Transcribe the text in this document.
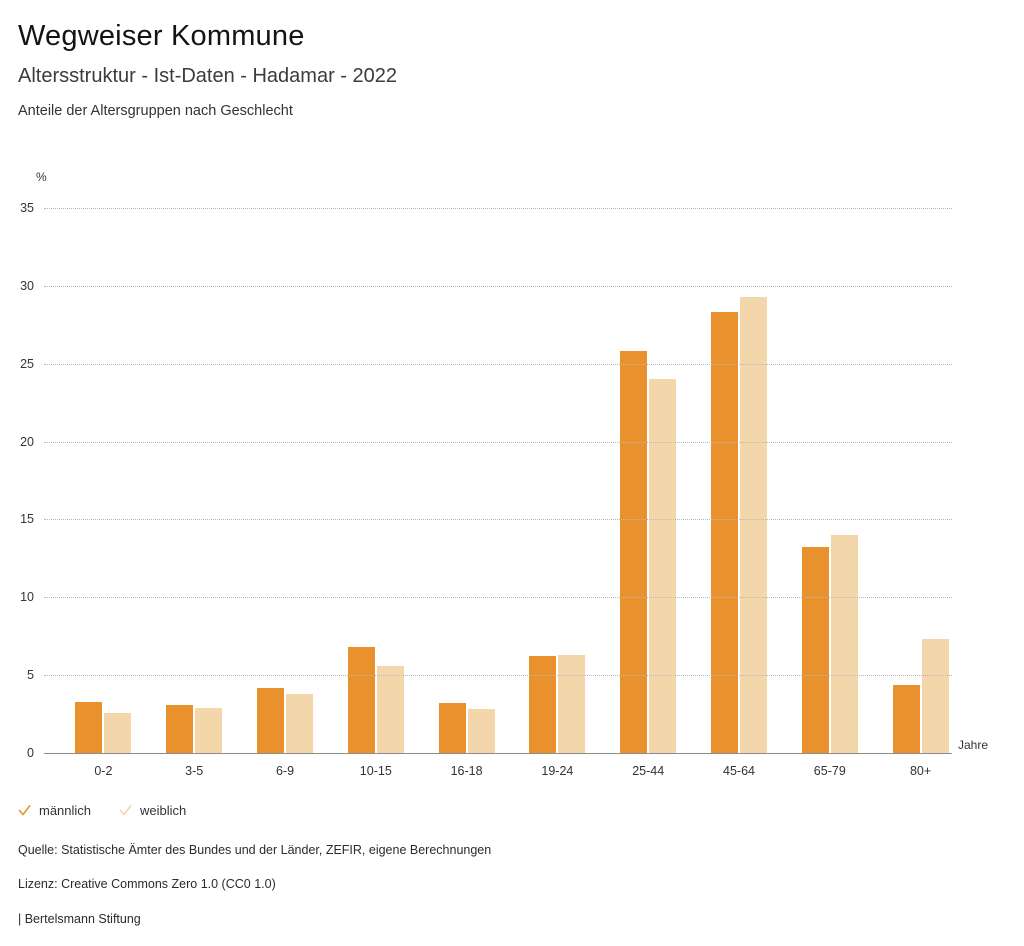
Wegweiser Kommune
Altersstruktur - Ist-Daten - Hadamar - 2022
Anteile der Altersgruppen nach Geschlecht
%
0
5
10
15
20
25
30
35
0-2	3-5	6-9	10-15	16-18	19-24	25-44	45-64	65-79	80+
Jahre
männlich	weiblich

Quelle: Statistische Ämter des Bundes und der Länder, ZEFIR, eigene Berechnungen

Lizenz: Creative Commons Zero 1.0 (CC0 1.0)

| Bertelsmann Stiftung
